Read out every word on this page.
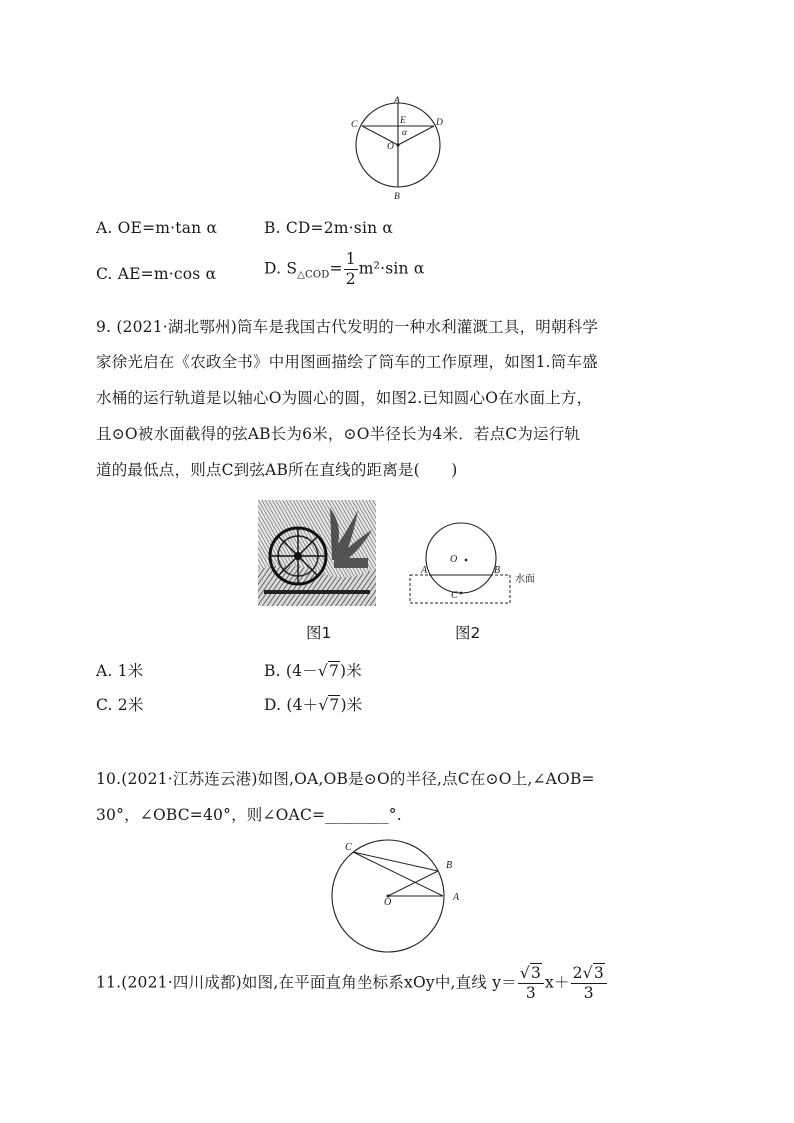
A
C	D
E
α
O
B
A. OE=m·tan α	B. CD=2m·sin α
C. AE=m·cos α	D. $S_{\triangle COD}= \frac{1}{2} m^2\cdot\sin$ α
9. (2021·湖北鄂州)筒车是我国古代发明的一种水利灌溉工具，明朝科学
家徐光启在《农政全书》中用图画描绘了筒车的工作原理，如图1.筒车盛
水桶的运行轨道是以轴心O为圆心的圆，如图2.已知圆心O在水面上方，
且⊙O被水面截得的弦AB长为6米，⊙O半径长为4米．若点C为运行轨
道的最低点，则点C到弦AB所在直线的距离是(　　)
O
A	B
C
水面
图1	图2
A. 1米	B. (4－√7)米
C. 2米	D. (4＋√7)米
10.(2021·江苏连云港)如图,OA,OB是⊙O的半径,点C在⊙O上,∠AOB=
30°，∠OBC=40°，则∠OAC=________°.
C
B
O	A
11.(2021·四川成都)如图,在平面直角坐标系xOy中,直线 $y= \frac{√3}{3} x+ \frac{2√3}{3}$
